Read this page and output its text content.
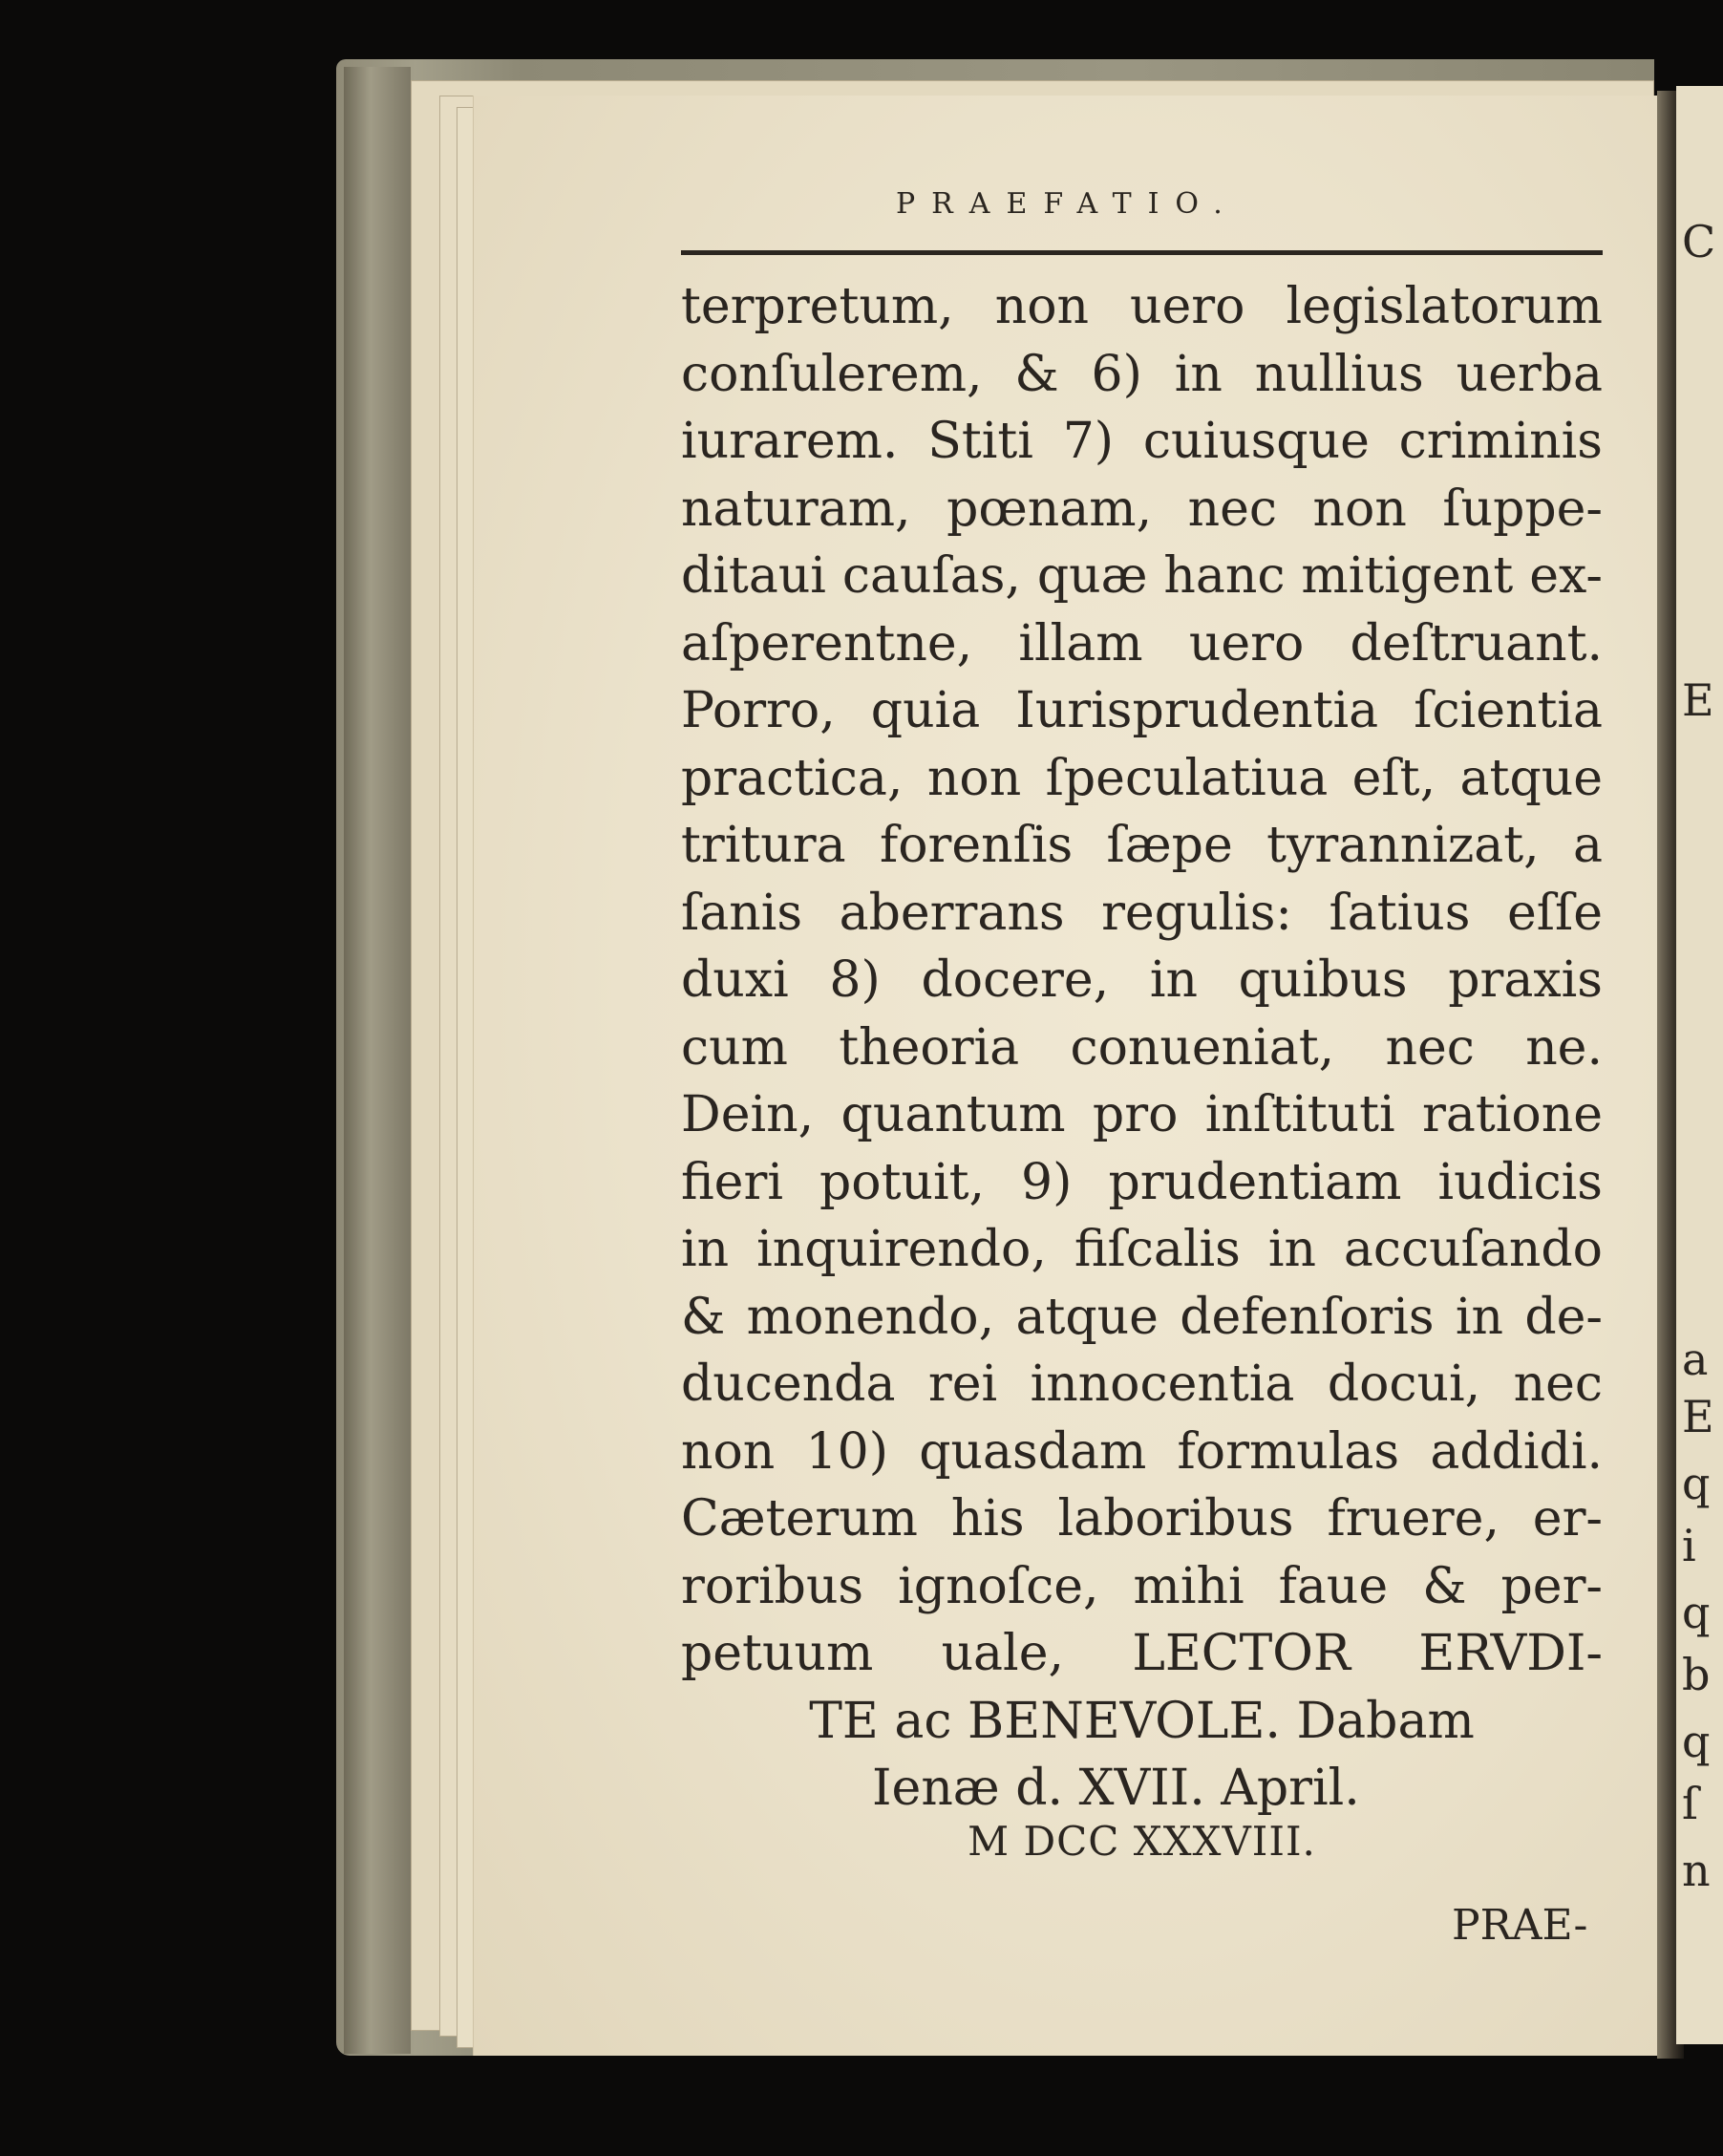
C
E
a
E
q
i
q
b
q
ſ
n
PRAEFATIO.
terpretum, non uero legislatorum
conſulerem, & 6) in nullius uerba
iurarem. Stiti 7) cuiusque criminis
naturam, pœnam, nec non ſuppe-
ditaui cauſas, quæ hanc mitigent ex-
aſperentne, illam uero deſtruant.
Porro, quia Iurisprudentia ſcientia
practica, non ſpeculatiua eſt, atque
tritura forenſis ſæpe tyrannizat, a
ſanis aberrans regulis: ſatius eſſe
duxi 8) docere, in quibus praxis
cum theoria conueniat, nec ne.
Dein, quantum pro inſtituti ratione
fieri potuit, 9) prudentiam iudicis
in inquirendo, fiſcalis in accuſando
& monendo, atque defenſoris in de-
ducenda rei innocentia docui, nec
non 10) quasdam formulas addidi.
Cæterum his laboribus fruere, er-
roribus ignoſce, mihi faue & per-
petuum uale, LECTOR ERVDI-
TE ac BENEVOLE. Dabam
Ienæ d. XVII. April.
M DCC XXXVIII.
PRAE-
